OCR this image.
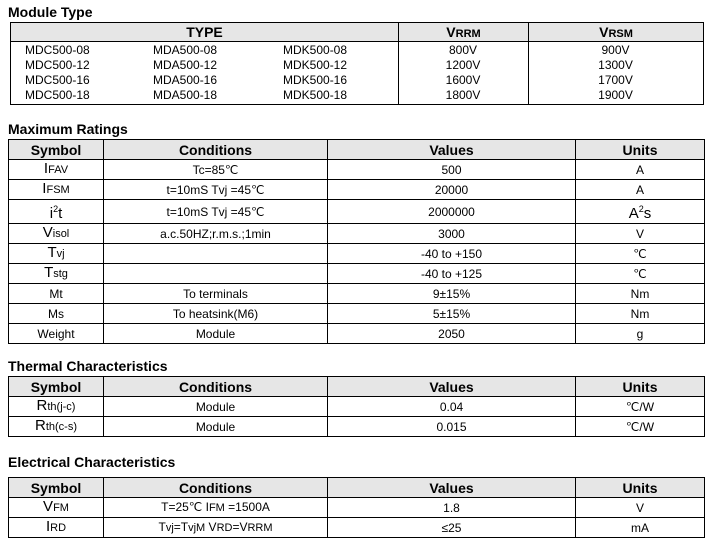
Module Type
TYPE	VRRM	VRSM
MDC500-08	MDA500-08	MDK500-08	800V	900V
MDC500-12	MDA500-12	MDK500-12	1200V	1300V
MDC500-16	MDA500-16	MDK500-16	1600V	1700V
MDC500-18	MDA500-18	MDK500-18	1800V	1900V
Maximum Ratings
Symbol	Conditions	Values	Units
IFAV	Tc=85℃	500	A
IFSM	t=10mS Tvj =45℃	20000	A
$i^2t$	t=10mS Tvj =45℃	2000000	$A^2s$
Visol	a.c.50HZ;r.m.s.;1min	3000	V
Tvj		-40 to +150	℃
Tstg		-40 to +125	℃
Mt	To terminals	9±15%	Nm
Ms	To heatsink(M6)	5±15%	Nm
Weight	Module	2050	g
Thermal Characteristics
Symbol	Conditions	Values	Units
Rth(j-c)	Module	0.04	℃/W
Rth(c-s)	Module	0.015	℃/W
Electrical Characteristics
Symbol	Conditions	Values	Units
VFM	T=25℃ IFM =1500A	1.8	V
IRD	Tvj=TvjM VRD=VRRM	≤25	mA
